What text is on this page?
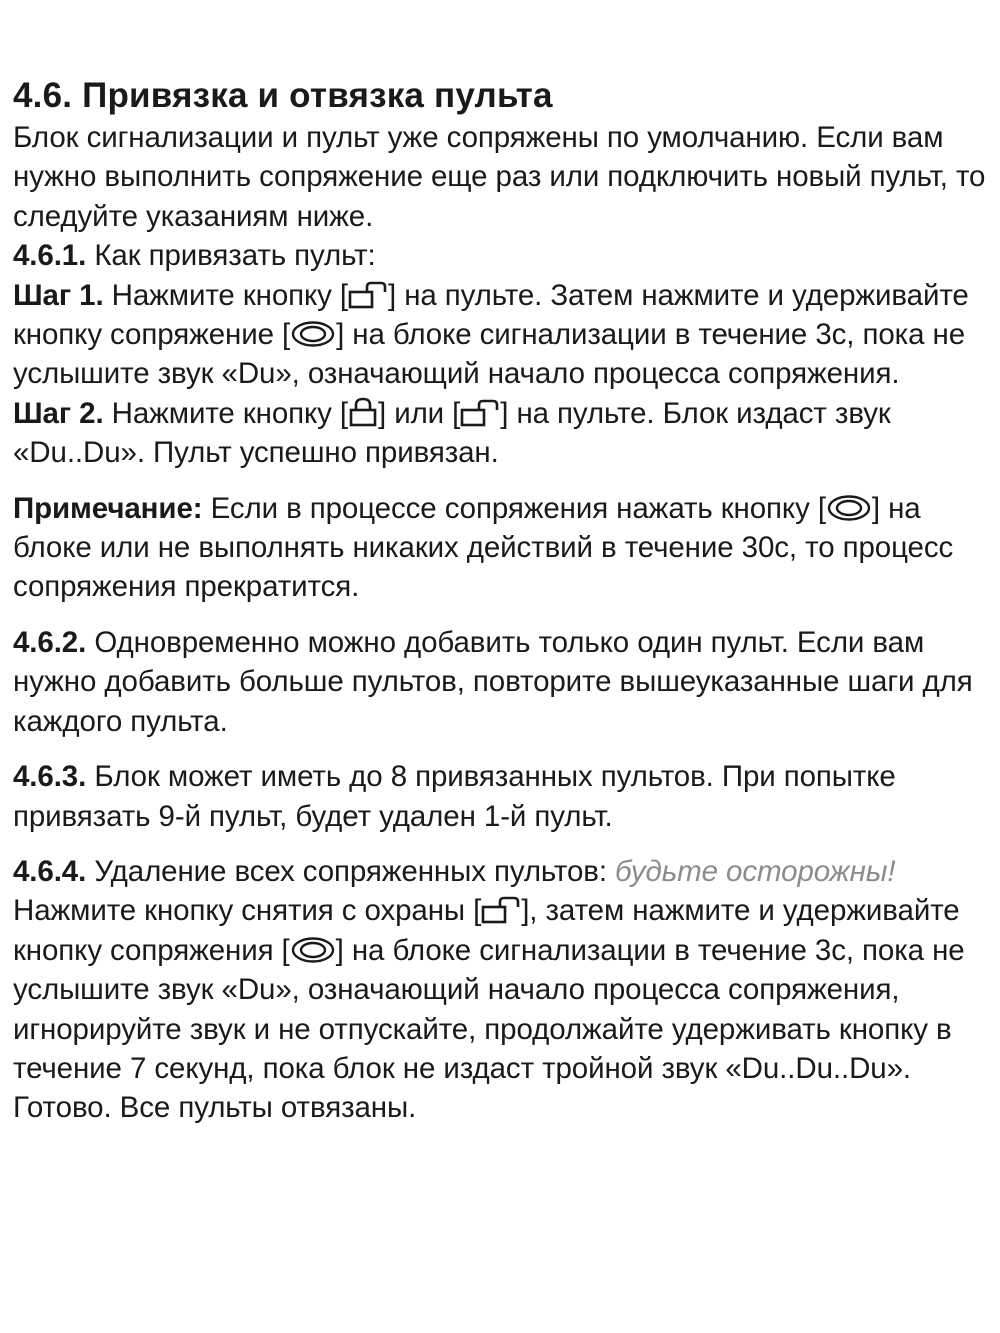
4.6. Привязка и отвязка пульта

Блок сигнализации и пульт уже сопряжены по умолчанию. Если вам нужно выполнить сопряжение еще раз или подключить новый пульт, то следуйте указаниям ниже.

4.6.1. Как привязать пульт:

Шаг 1. Нажмите кнопку [ ] на пульте. Затем нажмите и удерживайте кнопку сопряжение [ ] на блоке сигнализации в течение 3с, пока не услышите звук «Du», означающий начало процесса сопряжения.

Шаг 2. Нажмите кнопку [ ] или [ ] на пульте. Блок издаст звук «Du..Du». Пульт успешно привязан.

Примечание: Если в процессе сопряжения нажать кнопку [ ] на блоке или не выполнять никаких действий в течение 30с, то процесс сопряжения прекратится.

4.6.2. Одновременно можно добавить только один пульт. Если вам нужно добавить больше пультов, повторите вышеуказанные шаги для каждого пульта.

4.6.3. Блок может иметь до 8 привязанных пультов. При попытке привязать 9-й пульт, будет удален 1-й пульт.

4.6.4. Удаление всех сопряженных пультов: будьте осторожны! Нажмите кнопку снятия с охраны [ ], затем нажмите и удерживайте кнопку сопряжения [ ] на блоке сигнализации в течение 3с, пока не услышите звук «Du», означающий начало процесса сопряжения, игнорируйте звук и не отпускайте, продолжайте удерживать кнопку в течение 7 секунд, пока блок не издаст тройной звук «Du..Du..Du». Готово. Все пульты отвязаны.
